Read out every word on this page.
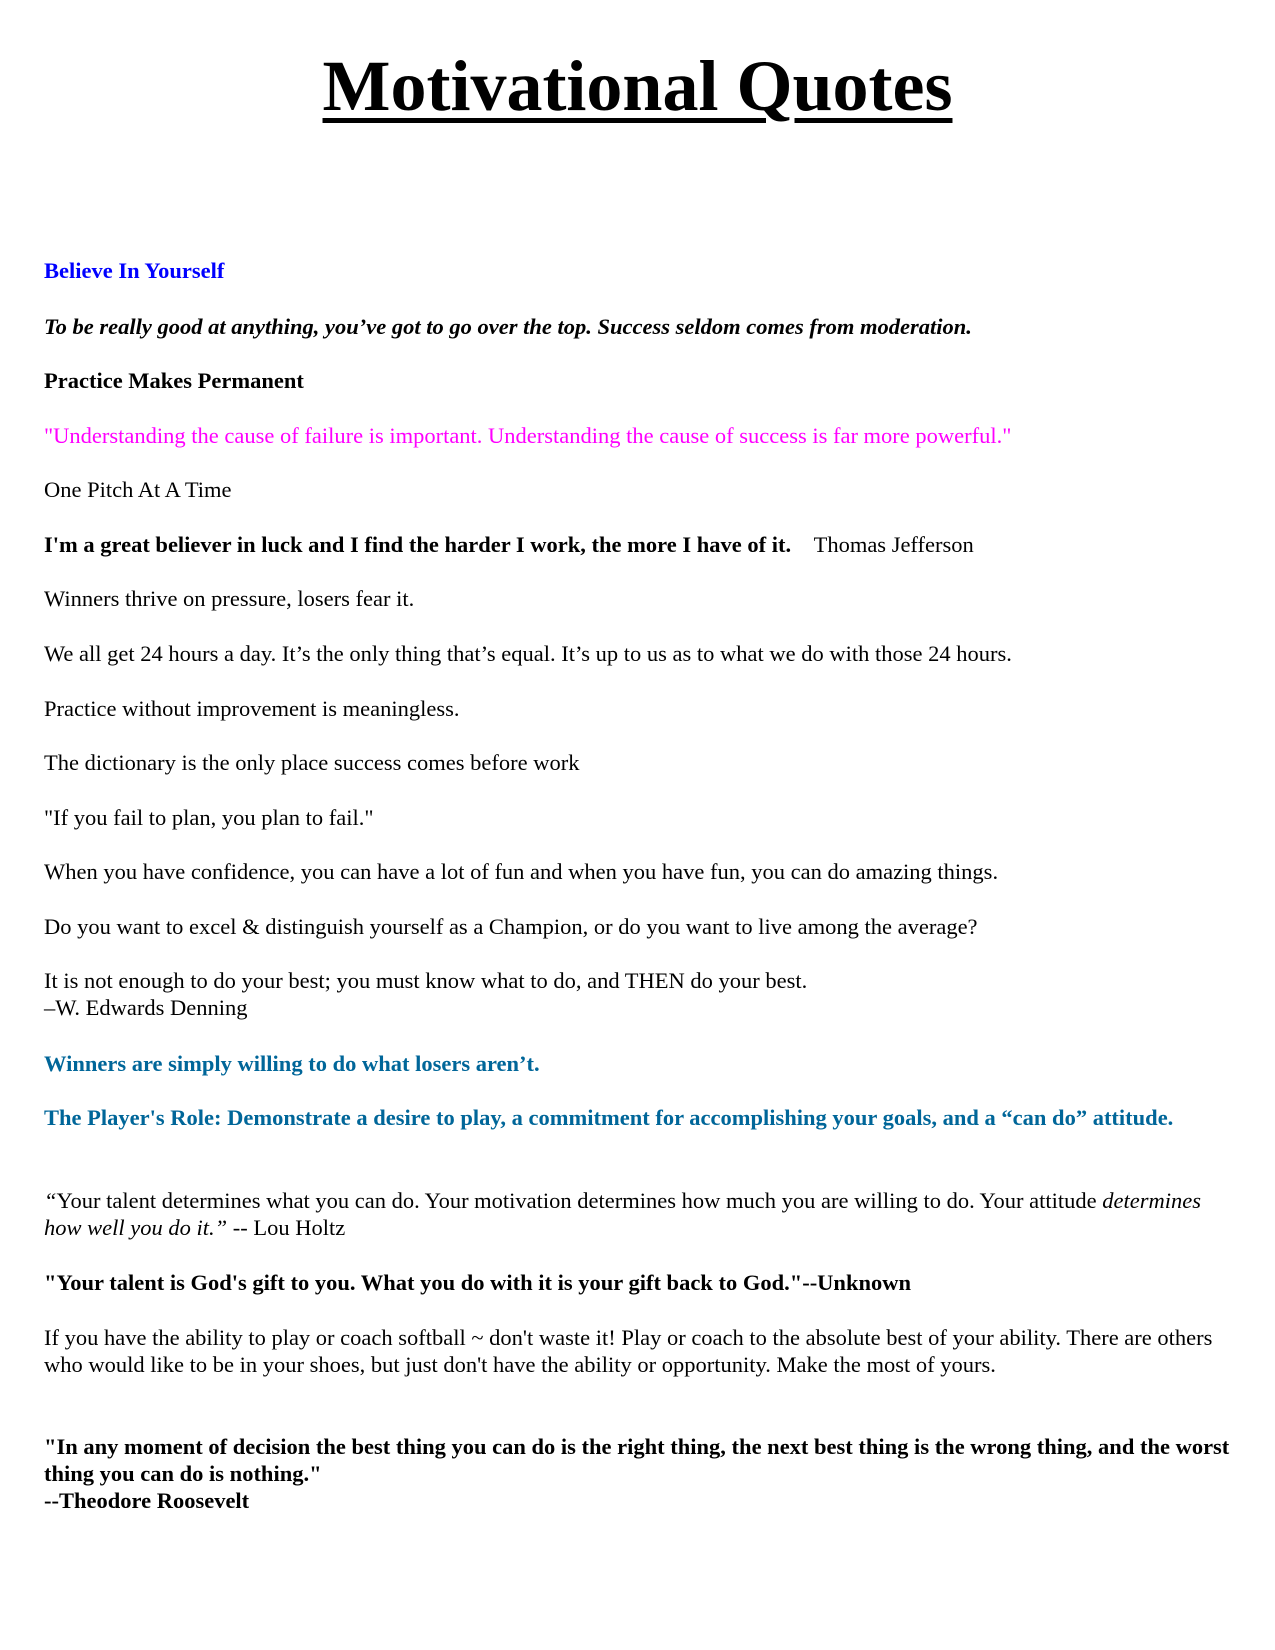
Motivational Quotes

Believe In Yourself

To be really good at anything, you’ve got to go over the top. Success seldom comes from moderation.

Practice Makes Permanent

"Understanding the cause of failure is important. Understanding the cause of success is far more powerful."

One Pitch At A Time

I'm a great believer in luck and I find the harder I work, the more I have of it. Thomas Jefferson

Winners thrive on pressure, losers fear it.

We all get 24 hours a day. It’s the only thing that’s equal. It’s up to us as to what we do with those 24 hours.

Practice without improvement is meaningless.

The dictionary is the only place success comes before work

"If you fail to plan, you plan to fail."

When you have confidence, you can have a lot of fun and when you have fun, you can do amazing things.

Do you want to excel & distinguish yourself as a Champion, or do you want to live among the average?

It is not enough to do your best; you must know what to do, and THEN do your best.
–W. Edwards Denning

Winners are simply willing to do what losers aren’t.

The Player's Role: Demonstrate a desire to play, a commitment for accomplishing your goals, and a “can do” attitude.

“Your talent determines what you can do. Your motivation determines how much you are willing to do. Your attitude determines how well you do it.” -- Lou Holtz

"Your talent is God's gift to you. What you do with it is your gift back to God."--Unknown

If you have the ability to play or coach softball ~ don't waste it! Play or coach to the absolute best of your ability. There are others who would like to be in your shoes, but just don't have the ability or opportunity. Make the most of yours.

"In any moment of decision the best thing you can do is the right thing, the next best thing is the wrong thing, and the worst thing you can do is nothing."
--Theodore Roosevelt
